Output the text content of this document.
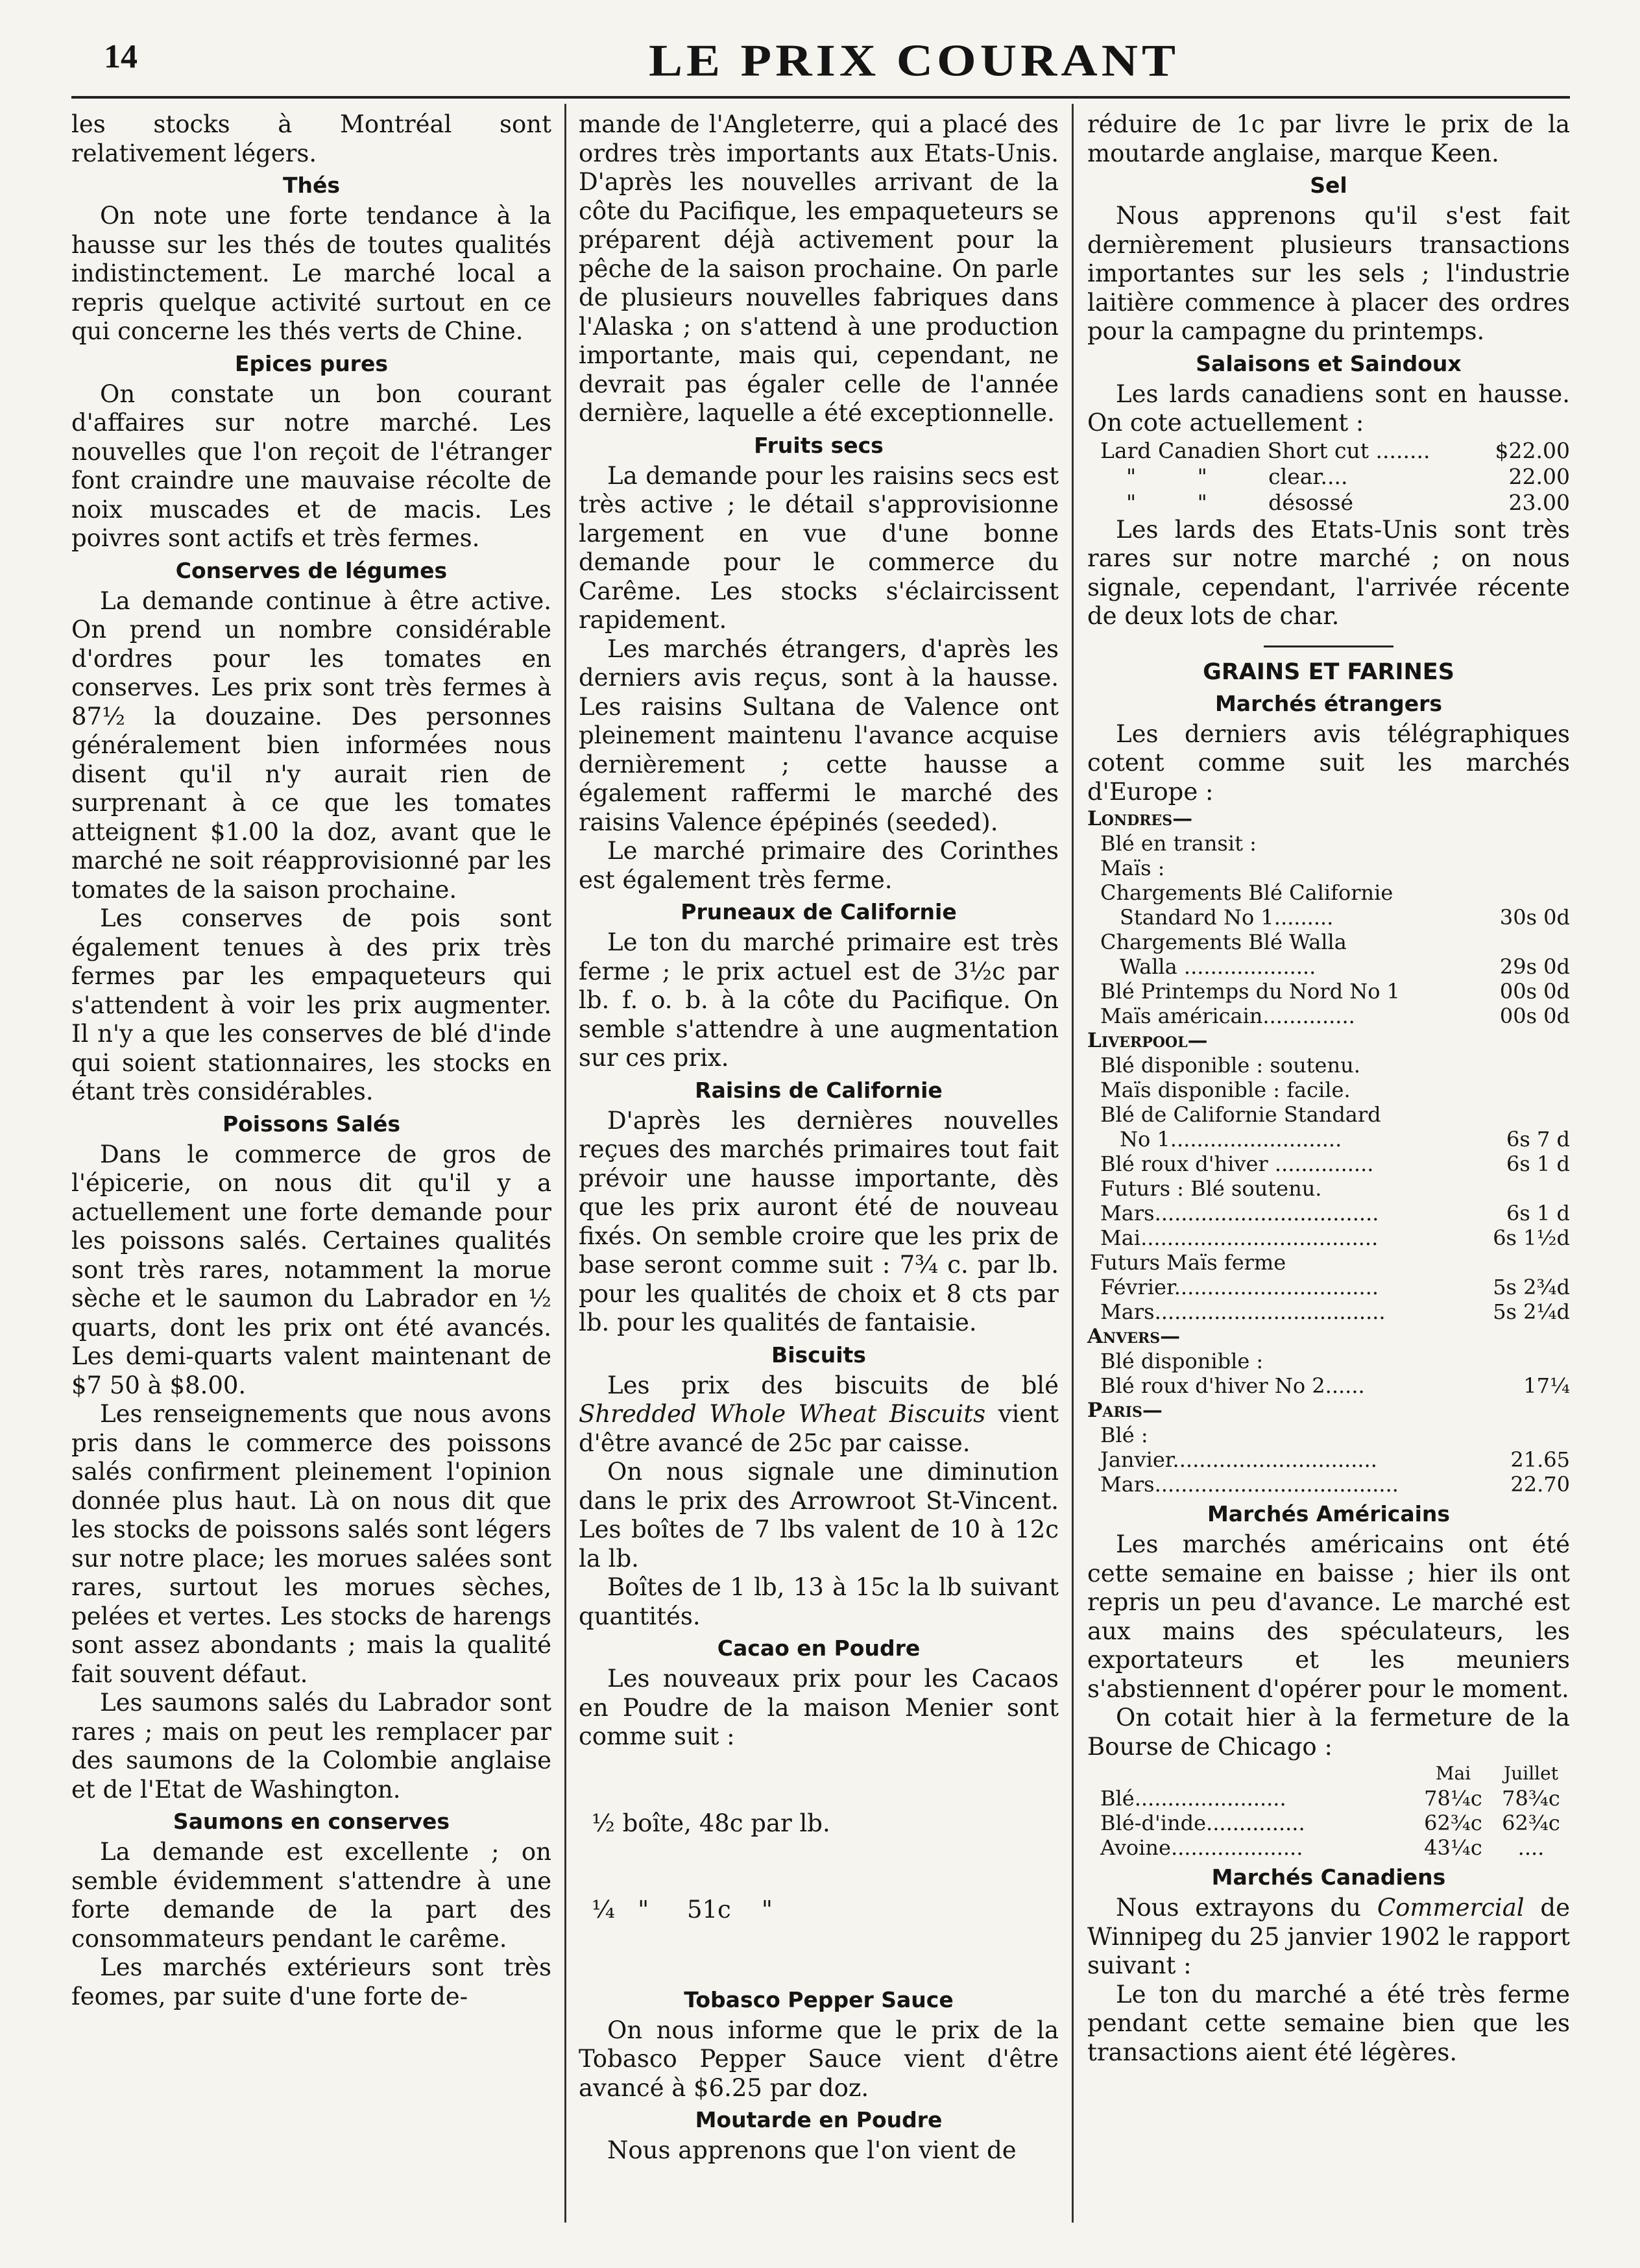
14	LE PRIX COURANT

les stocks à Montréal sont relativement légers.

Thés

On note une forte tendance à la hausse sur les thés de toutes qualités indistinctement. Le marché local a repris quelque activité surtout en ce qui concerne les thés verts de Chine.

Epices pures

On constate un bon courant d'affaires sur notre marché. Les nouvelles que l'on reçoit de l'étranger font craindre une mauvaise récolte de noix muscades et de macis. Les poivres sont actifs et très fermes.

Conserves de légumes

La demande continue à être active. On prend un nombre considérable d'ordres pour les tomates en conserves. Les prix sont très fermes à 87½ la douzaine. Des personnes généralement bien informées nous disent qu'il n'y aurait rien de surprenant à ce que les tomates atteignent $1.00 la doz, avant que le marché ne soit réapprovisionné par les tomates de la saison prochaine.

Les conserves de pois sont également tenues à des prix très fermes par les empaqueteurs qui s'attendent à voir les prix augmenter. Il n'y a que les conserves de blé d'inde qui soient stationnaires, les stocks en étant très considérables.

Poissons Salés

Dans le commerce de gros de l'épicerie, on nous dit qu'il y a actuellement une forte demande pour les poissons salés. Certaines qualités sont très rares, notamment la morue sèche et le saumon du Labrador en ½ quarts, dont les prix ont été avancés. Les demi-quarts valent maintenant de $7 50 à $8.00.

Les renseignements que nous avons pris dans le commerce des poissons salés confirment pleinement l'opinion donnée plus haut. Là on nous dit que les stocks de poissons salés sont légers sur notre place; les morues salées sont rares, surtout les morues sèches, pelées et vertes. Les stocks de harengs sont assez abondants ; mais la qualité fait souvent défaut.

Les saumons salés du Labrador sont rares ; mais on peut les remplacer par des saumons de la Colombie anglaise et de l'Etat de Washington.

Saumons en conserves

La demande est excellente ; on semble évidemment s'attendre à une forte demande de la part des consommateurs pendant le carême.

Les marchés extérieurs sont très feomes, par suite d'une forte de-

mande de l'Angleterre, qui a placé des ordres très importants aux Etats-Unis. D'après les nouvelles arrivant de la côte du Pacifique, les empaqueteurs se préparent déjà activement pour la pêche de la saison prochaine. On parle de plusieurs nouvelles fabriques dans l'Alaska ; on s'attend à une production importante, mais qui, cependant, ne devrait pas égaler celle de l'année dernière, laquelle a été exceptionnelle.

Fruits secs

La demande pour les raisins secs est très active ; le détail s'approvisionne largement en vue d'une bonne demande pour le commerce du Carême. Les stocks s'éclaircissent rapidement.

Les marchés étrangers, d'après les derniers avis reçus, sont à la hausse. Les raisins Sultana de Valence ont pleinement maintenu l'avance acquise dernièrement ; cette hausse a également raffermi le marché des raisins Valence épépinés (seeded).

Le marché primaire des Corinthes est également très ferme.

Pruneaux de Californie

Le ton du marché primaire est très ferme ; le prix actuel est de 3½c par lb. f. o. b. à la côte du Pacifique. On semble s'attendre à une augmentation sur ces prix.

Raisins de Californie

D'après les dernières nouvelles reçues des marchés primaires tout fait prévoir une hausse importante, dès que les prix auront été de nouveau fixés. On semble croire que les prix de base seront comme suit : 7¾ c. par lb. pour les qualités de choix et 8 cts par lb. pour les qualités de fantaisie.

Biscuits

Les prix des biscuits de blé Shredded Whole Wheat Biscuits vient d'être avancé de 25c par caisse.

On nous signale une diminution dans le prix des Arrowroot St-Vincent. Les boîtes de 7 lbs valent de 10 à 12c la lb.

Boîtes de 1 lb, 13 à 15c la lb suivant quantités.

Cacao en Poudre

Les nouveaux prix pour les Cacaos en Poudre de la maison Menier sont comme suit :

½ boîte, 48c par lb.

¼   "     51c    "

Tobasco Pepper Sauce

On nous informe que le prix de la Tobasco Pepper Sauce vient d'être avancé à $6.25 par doz.

Moutarde en Poudre

Nous apprenons que l'on vient de

réduire de 1c par livre le prix de la moutarde anglaise, marque Keen.

Sel

Nous apprenons qu'il s'est fait dernièrement plusieurs transactions importantes sur les sels ; l'industrie laitière commence à placer des ordres pour la campagne du printemps.

Salaisons et Saindoux

Les lards canadiens sont en hausse. On cote actuellement :

Lard Canadien Short cut ........	$22.00
"         "         clear....	22.00
"         "         désossé	23.00

Les lards des Etats-Unis sont très rares sur notre marché ; on nous signale, cependant, l'arrivée récente de deux lots de char.

GRAINS ET FARINES
Marchés étrangers

Les derniers avis télégraphiques cotent comme suit les marchés d'Europe :

Londres—
Blé en transit :	
Maïs :	
Chargements Blé Californie	
Standard No 1.........	30s 0d
Chargements Blé Walla	
Walla ....................	29s 0d
Blé Printemps du Nord No 1	00s 0d
Maïs américain..............	00s 0d
Liverpool—
Blé disponible : soutenu.	
Maïs disponible : facile.	
Blé de Californie Standard	
No 1..........................	6s 7 d
Blé roux d'hiver ...............	6s 1 d
Futurs : Blé soutenu.	
Mars..................................	6s 1 d
Mai....................................	6s 1½d
Futurs Maïs ferme	
Février...............................	5s 2¾d
Mars...................................	5s 2¼d
Anvers—
Blé disponible :	
Blé roux d'hiver No 2......	17¼
Paris—
Blé :	
Janvier...............................	21.65
Mars.....................................	22.70
Marchés Américains

Les marchés américains ont été cette semaine en baisse ; hier ils ont repris un peu d'avance. Le marché est aux mains des spéculateurs, les exportateurs et les meuniers s'abstiennent d'opérer pour le moment.

On cotait hier à la fermeture de la Bourse de Chicago :

	Mai	Juillet
Blé.......................	78¼c	78¾c
Blé-d'inde...............	62¾c	62¾c
Avoine....................	43¼c	....
Marchés Canadiens

Nous extrayons du Commercial de Winnipeg du 25 janvier 1902 le rapport suivant :

Le ton du marché a été très ferme pendant cette semaine bien que les transactions aient été légères.
